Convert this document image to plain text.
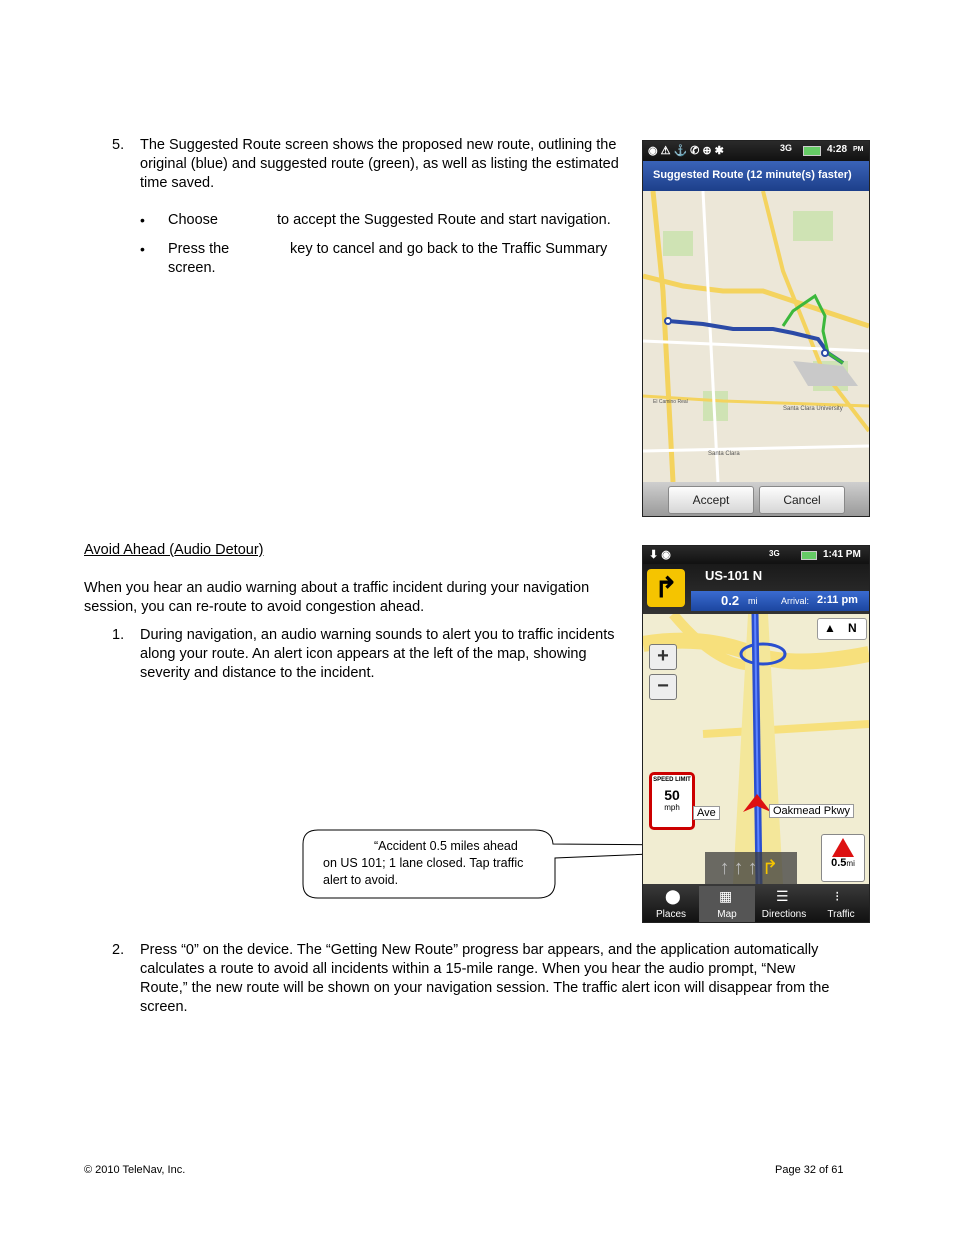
5. The Suggested Route screen shows the proposed new route, outlining the original (blue) and suggested route (green), as well as listing the estimated time saved.
• Choose	to accept the Suggested Route and start navigation.
• Press the	key to cancel and go back to the Traffic Summary screen.
◉⚠⚓✆⊕✱	3G	4:28 PM
Suggested Route (12 minute(s) faster)
Santa Clara
Santa Clara University
El Camino Real
Accept	Cancel
Avoid Ahead (Audio Detour)
When you hear an audio warning about a traffic incident during your navigation session, you can re-route to avoid congestion ahead.
1. During navigation, an audio warning sounds to alert you to traffic incidents along your route. An alert icon appears at the left of the map, showing severity and distance to the incident.
“Accident 0.5 miles ahead on US 101; 1 lane closed. Tap traffic alert to avoid.
⬇◉	3G	1:41 PM
↱	US-101 N
0.2 mi	Arrival: 2:11 pm
▲ N
+
−
SPEED LIMIT
50
mph	Ave	Oakmead Pkwy
↑↑↑↱	0.5mi
⬤
Places
▦
Map
☰
Directions
⁝
Traffic
2. Press “0” on the device. The “Getting New Route” progress bar appears, and the application automatically calculates a route to avoid all incidents within a 15-mile range. When you hear the audio prompt, “New Route,” the new route will be shown on your navigation session. The traffic alert icon will disappear from the screen.
© 2010 TeleNav, Inc.	Page 32 of 61
